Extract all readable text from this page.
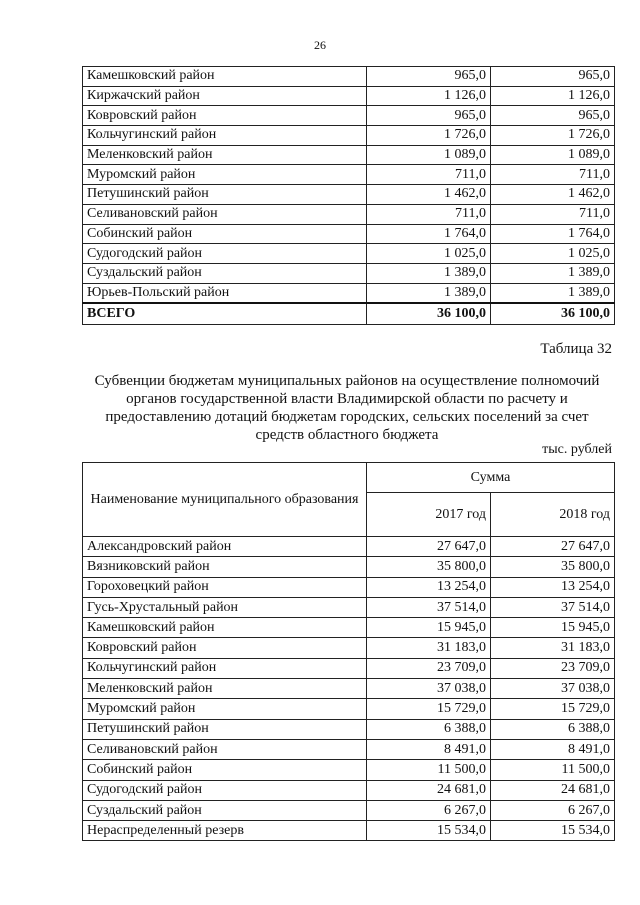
26
Камешковский район	965,0	965,0
Киржачский район	1 126,0	1 126,0
Ковровский район	965,0	965,0
Кольчугинский район	1 726,0	1 726,0
Меленковский район	1 089,0	1 089,0
Муромский район	711,0	711,0
Петушинский район	1 462,0	1 462,0
Селивановский район	711,0	711,0
Собинский район	1 764,0	1 764,0
Судогодский район	1 025,0	1 025,0
Суздальский район	1 389,0	1 389,0
Юрьев-Польский район	1 389,0	1 389,0
ВСЕГО	36 100,0	36 100,0
Таблица 32
Субвенции бюджетам муниципальных районов на осуществление полномочий органов государственной власти Владимирской области по расчету и предоставлению дотаций бюджетам городских, сельских поселений за счет средств областного бюджета
тыс. рублей
Наименование муниципального образования	Сумма	
	2017 год	2018 год
Александровский район	27 647,0	27 647,0
Вязниковский район	35 800,0	35 800,0
Гороховецкий район	13 254,0	13 254,0
Гусь-Хрустальный район	37 514,0	37 514,0
Камешковский район	15 945,0	15 945,0
Ковровский район	31 183,0	31 183,0
Кольчугинский район	23 709,0	23 709,0
Меленковский район	37 038,0	37 038,0
Муромский район	15 729,0	15 729,0
Петушинский район	6 388,0	6 388,0
Селивановский район	8 491,0	8 491,0
Собинский район	11 500,0	11 500,0
Судогодский район	24 681,0	24 681,0
Суздальский район	6 267,0	6 267,0
Нераспределенный резерв	15 534,0	15 534,0
